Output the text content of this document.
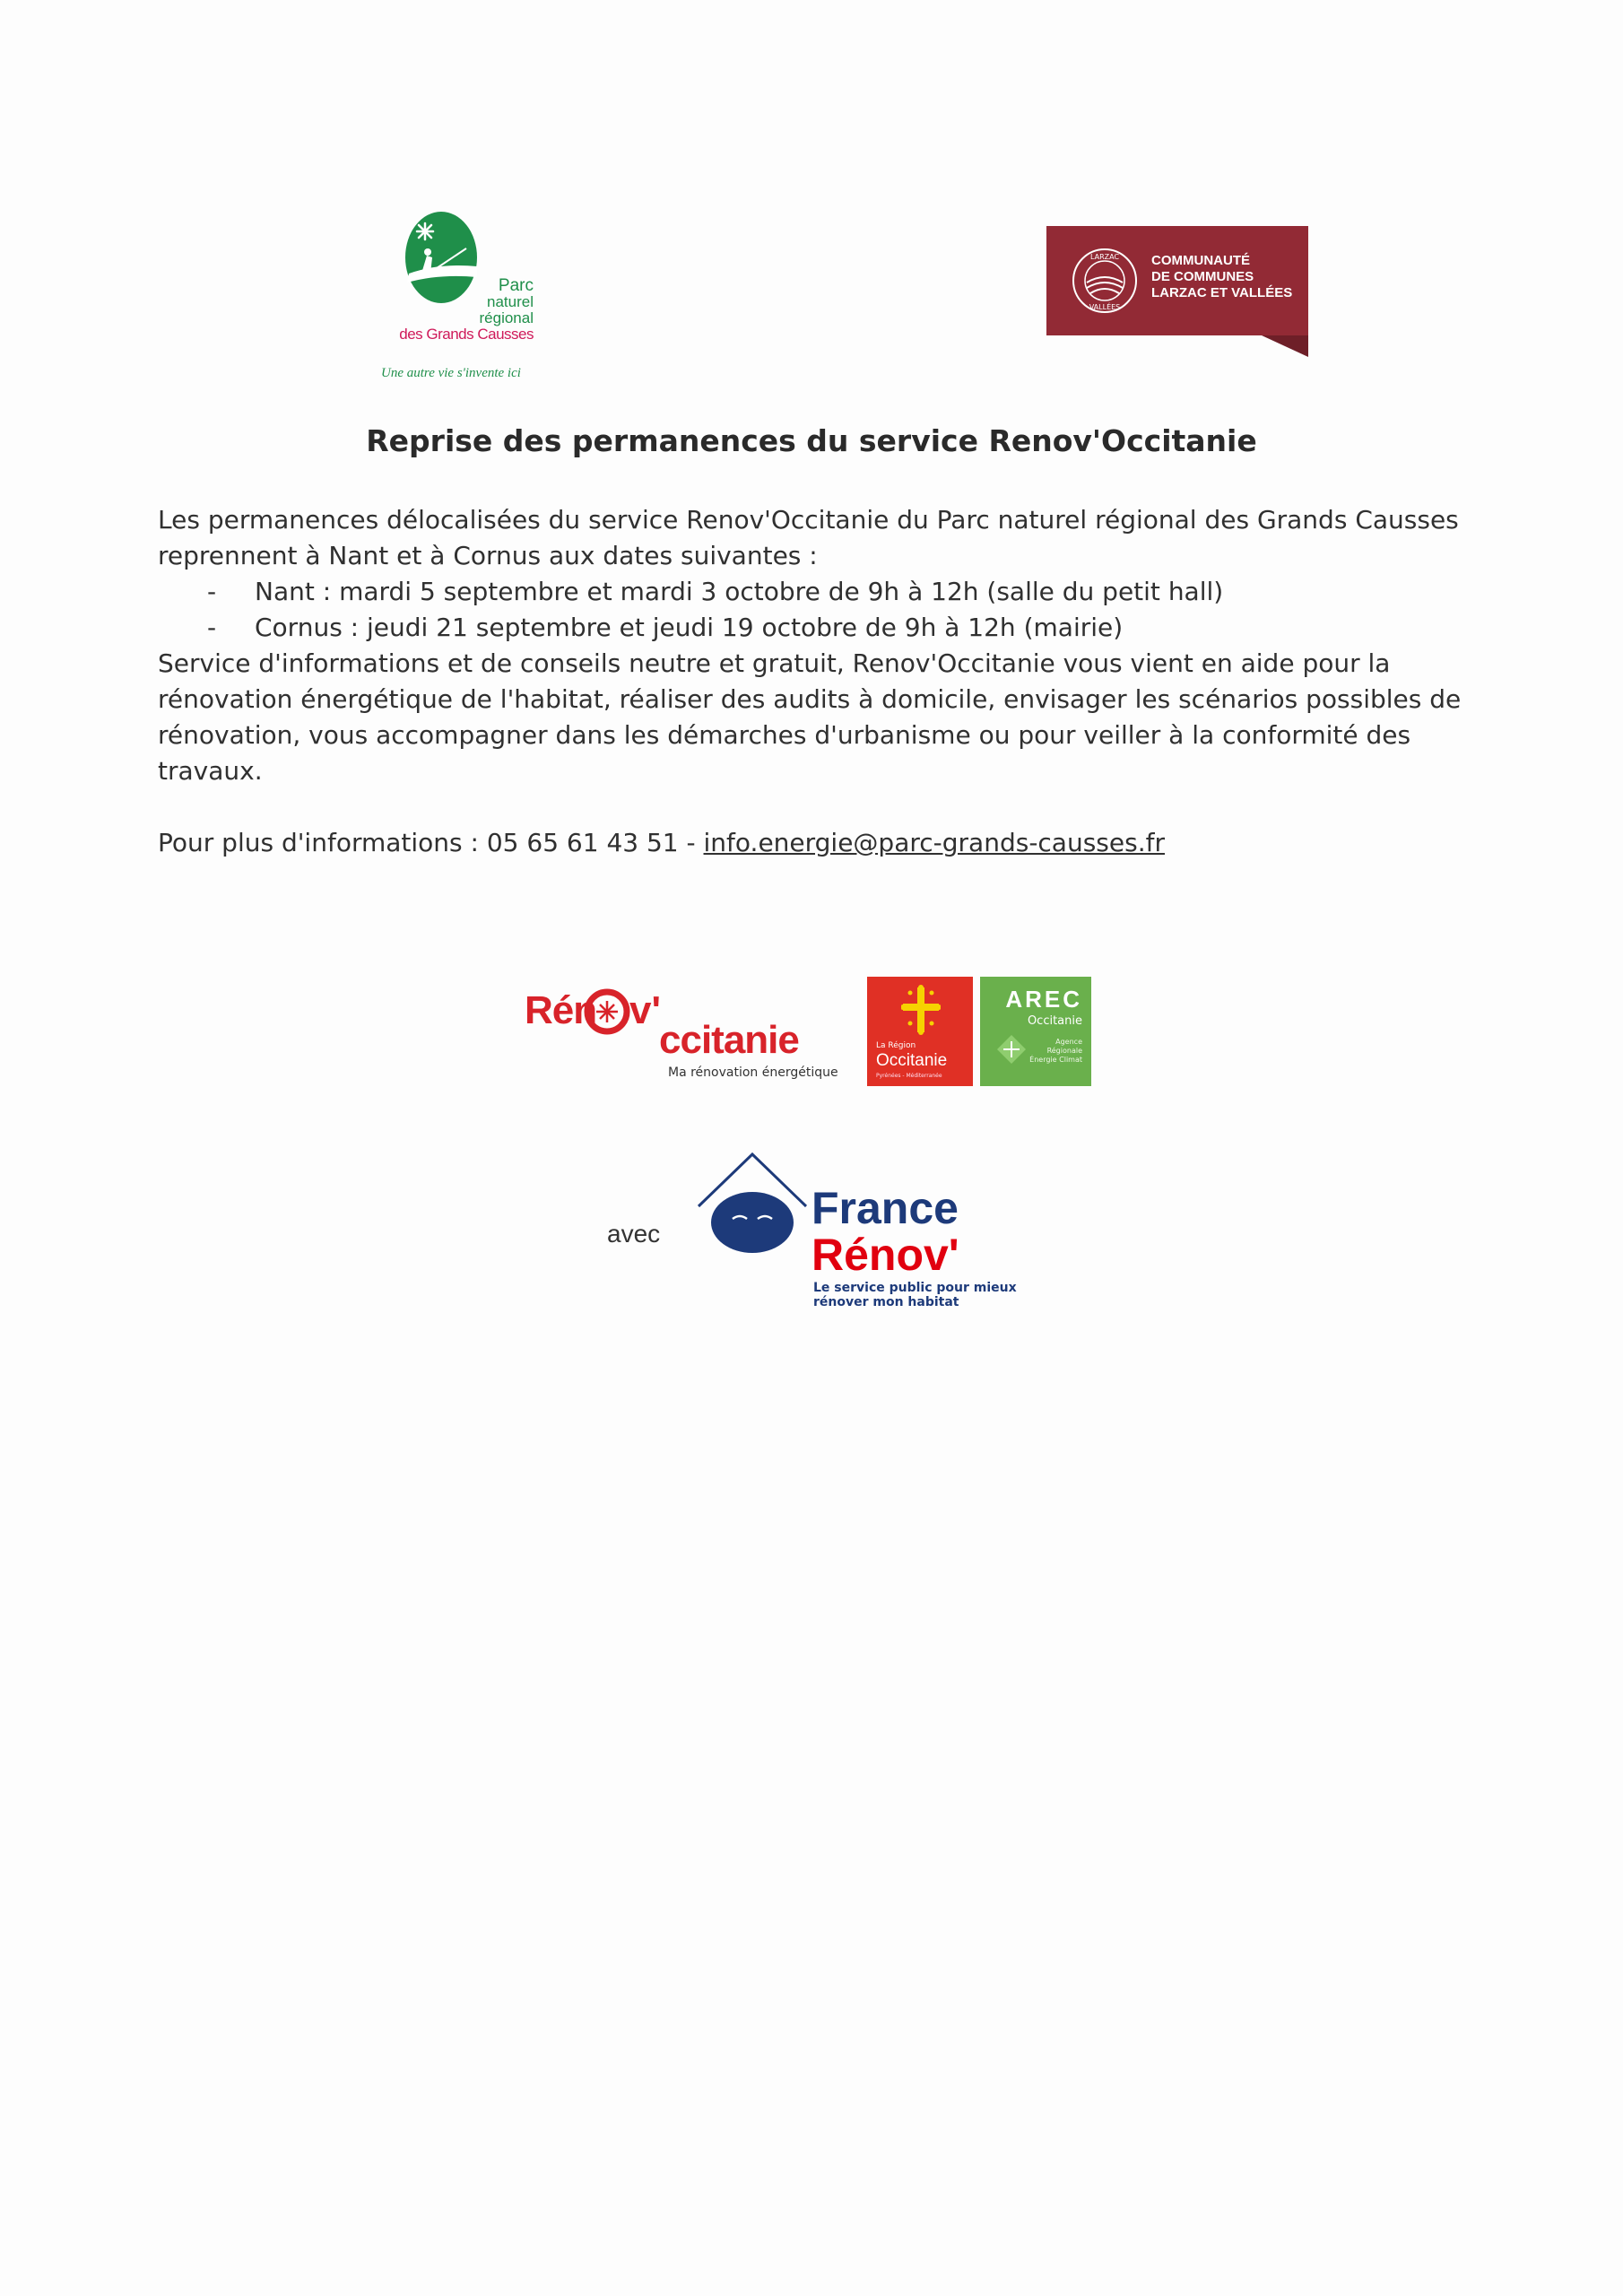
Parc
naturel
régional
des Grands Causses
Une autre vie s'invente ici
LARZAC
VALLÉES
COMMUNAUTÉ
DE COMMUNES
LARZAC ET VALLÉES
Reprise des permanences du service Renov'Occitanie

Les permanences délocalisées du service Renov'Occitanie du Parc naturel régional des Grands Causses

reprennent à Nant et à Cornus aux dates suivantes :

- Nant : mardi 5 septembre et mardi 3 octobre de 9h à 12h (salle du petit hall)
- Cornus : jeudi 21 septembre et jeudi 19 octobre de 9h à 12h (mairie)

Service d'informations et de conseils neutre et gratuit, Renov'Occitanie vous vient en aide pour la

rénovation énergétique de l'habitat, réaliser des audits à domicile, envisager les scénarios possibles de

rénovation, vous accompagner dans les démarches d'urbanisme ou pour veiller à la conformité des travaux.

Pour plus d'informations : 05 65 61 43 51 - info.energie@parc-grands-causses.fr

Rén v'
ccitanie
Ma rénovation énergétique
La Région
Occitanie
Pyrénées - Méditerranée
AREC
Occitanie
Agence
Régionale
Énergie Climat
avec
France
Rénov'
Le service public pour mieux
rénover mon habitat
